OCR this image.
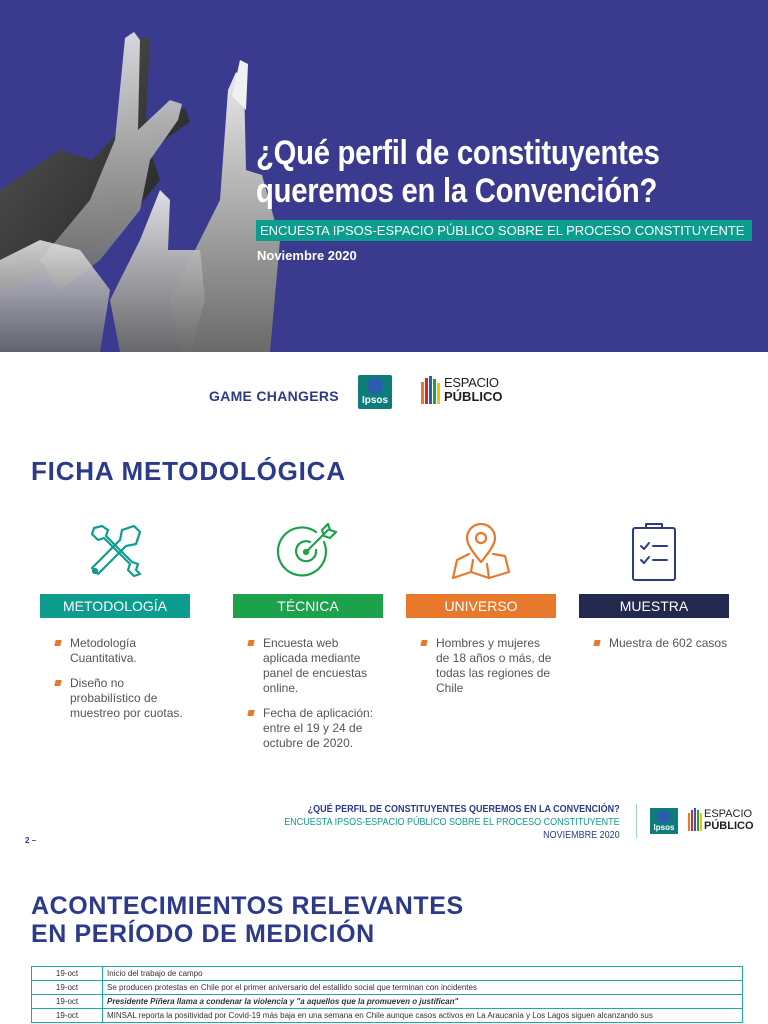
¿Qué perfil de constituyentes
queremos en la Convención?
ENCUESTA IPSOS-ESPACIO PÚBLICO SOBRE EL PROCESO CONSTITUYENTE
Noviembre 2020
GAME CHANGERS Ipsos
ESPACIO
PÚBLICO
FICHA METODOLÓGICA
METODOLOGÍA
Metodología Cuantitativa.
Diseño no probabilístico de muestreo por cuotas.
TÉCNICA
Encuesta web aplicada mediante panel de encuestas online.
Fecha de aplicación: entre el 19 y 24 de octubre de 2020.
UNIVERSO
Hombres y mujeres de 18 años o más, de todas las regiones de Chile
MUESTRA
Muestra de 602 casos
¿QUÉ PERFIL DE CONSTITUYENTES QUEREMOS EN LA CONVENCIÓN?
ENCUESTA IPSOS-ESPACIO PÚBLICO SOBRE EL PROCESO CONSTITUYENTE
NOVIEMBRE 2020
Ipsos
ESPACIO
PÚBLICO
2 –
ACONTECIMIENTOS RELEVANTES
EN PERÍODO DE MEDICIÓN
19-oct	Inicio del trabajo de campo
19-oct	Se producen protestas en Chile por el primer aniversario del estallido social que terminan con incidentes
19-oct	Presidente Piñera llama a condenar la violencia y "a aquellos que la promueven o justifican"
19-oct	MINSAL reporta la positividad por Covid-19 más baja en una semana en Chile aunque casos activos en La Araucanía y Los Lagos siguen alcanzando sus
